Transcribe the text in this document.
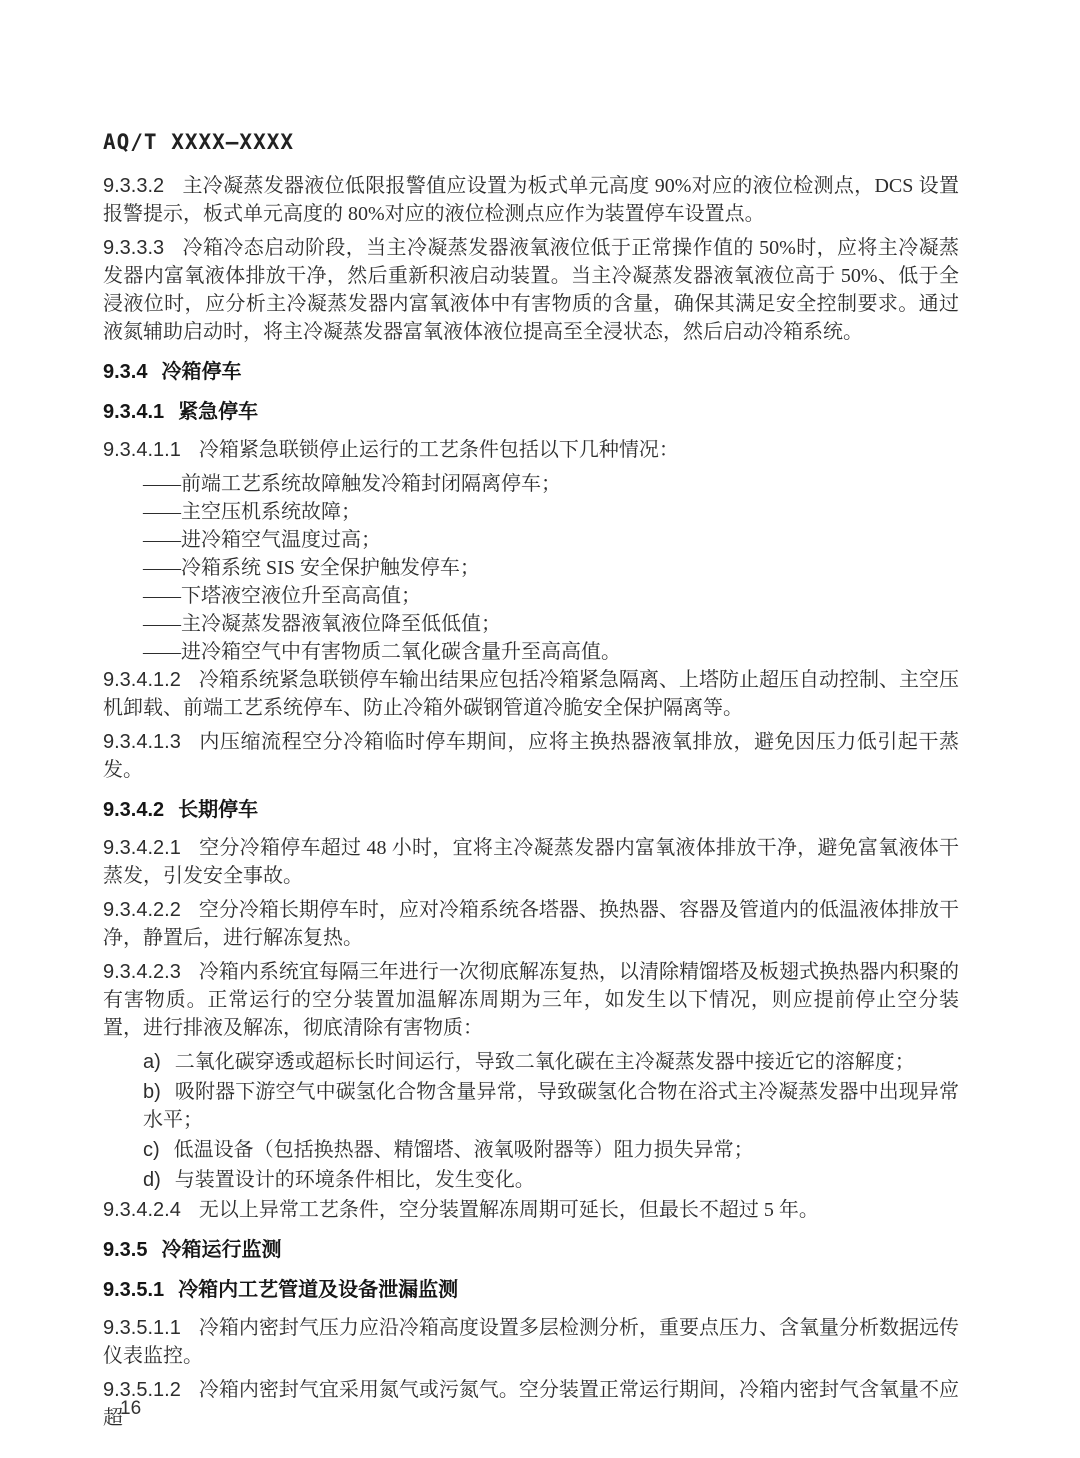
AQ/T XXXX—XXXX
9.3.3.2 主冷凝蒸发器液位低限报警值应设置为板式单元高度 90%对应的液位检测点，DCS 设置报警提示，板式单元高度的 80%对应的液位检测点应作为装置停车设置点。
9.3.3.3 冷箱冷态启动阶段，当主冷凝蒸发器液氧液位低于正常操作值的 50%时，应将主冷凝蒸发器内富氧液体排放干净，然后重新积液启动装置。当主冷凝蒸发器液氧液位高于 50%、低于全浸液位时，应分析主冷凝蒸发器内富氧液体中有害物质的含量，确保其满足安全控制要求。通过液氮辅助启动时，将主冷凝蒸发器富氧液体液位提高至全浸状态，然后启动冷箱系统。
9.3.4 冷箱停车
9.3.4.1 紧急停车
9.3.4.1.1 冷箱紧急联锁停止运行的工艺条件包括以下几种情况：
—— 前端工艺系统故障触发冷箱封闭隔离停车；
—— 主空压机系统故障；
—— 进冷箱空气温度过高；
—— 冷箱系统 SIS 安全保护触发停车；
—— 下塔液空液位升至高高值；
—— 主冷凝蒸发器液氧液位降至低低值；
—— 进冷箱空气中有害物质二氧化碳含量升至高高值。
9.3.4.1.2 冷箱系统紧急联锁停车输出结果应包括冷箱紧急隔离、上塔防止超压自动控制、主空压机卸载、前端工艺系统停车、防止冷箱外碳钢管道冷脆安全保护隔离等。
9.3.4.1.3 内压缩流程空分冷箱临时停车期间，应将主换热器液氧排放，避免因压力低引起干蒸发。
9.3.4.2 长期停车
9.3.4.2.1 空分冷箱停车超过 48 小时，宜将主冷凝蒸发器内富氧液体排放干净，避免富氧液体干蒸发，引发安全事故。
9.3.4.2.2 空分冷箱长期停车时，应对冷箱系统各塔器、换热器、容器及管道内的低温液体排放干净，静置后，进行解冻复热。
9.3.4.2.3 冷箱内系统宜每隔三年进行一次彻底解冻复热，以清除精馏塔及板翅式换热器内积聚的有害物质。正常运行的空分装置加温解冻周期为三年，如发生以下情况，则应提前停止空分装置，进行排液及解冻，彻底清除有害物质：
a) 二氧化碳穿透或超标长时间运行，导致二氧化碳在主冷凝蒸发器中接近它的溶解度；
b) 吸附器下游空气中碳氢化合物含量异常，导致碳氢化合物在浴式主冷凝蒸发器中出现异常水平；
c) 低温设备（包括换热器、精馏塔、液氧吸附器等）阻力损失异常；
d) 与装置设计的环境条件相比，发生变化。
9.3.4.2.4 无以上异常工艺条件，空分装置解冻周期可延长，但最长不超过 5 年。
9.3.5 冷箱运行监测
9.3.5.1 冷箱内工艺管道及设备泄漏监测
9.3.5.1.1 冷箱内密封气压力应沿冷箱高度设置多层检测分析，重要点压力、含氧量分析数据远传仪表监控。
9.3.5.1.2 冷箱内密封气宜采用氮气或污氮气。空分装置正常运行期间，冷箱内密封气含氧量不应超
16
